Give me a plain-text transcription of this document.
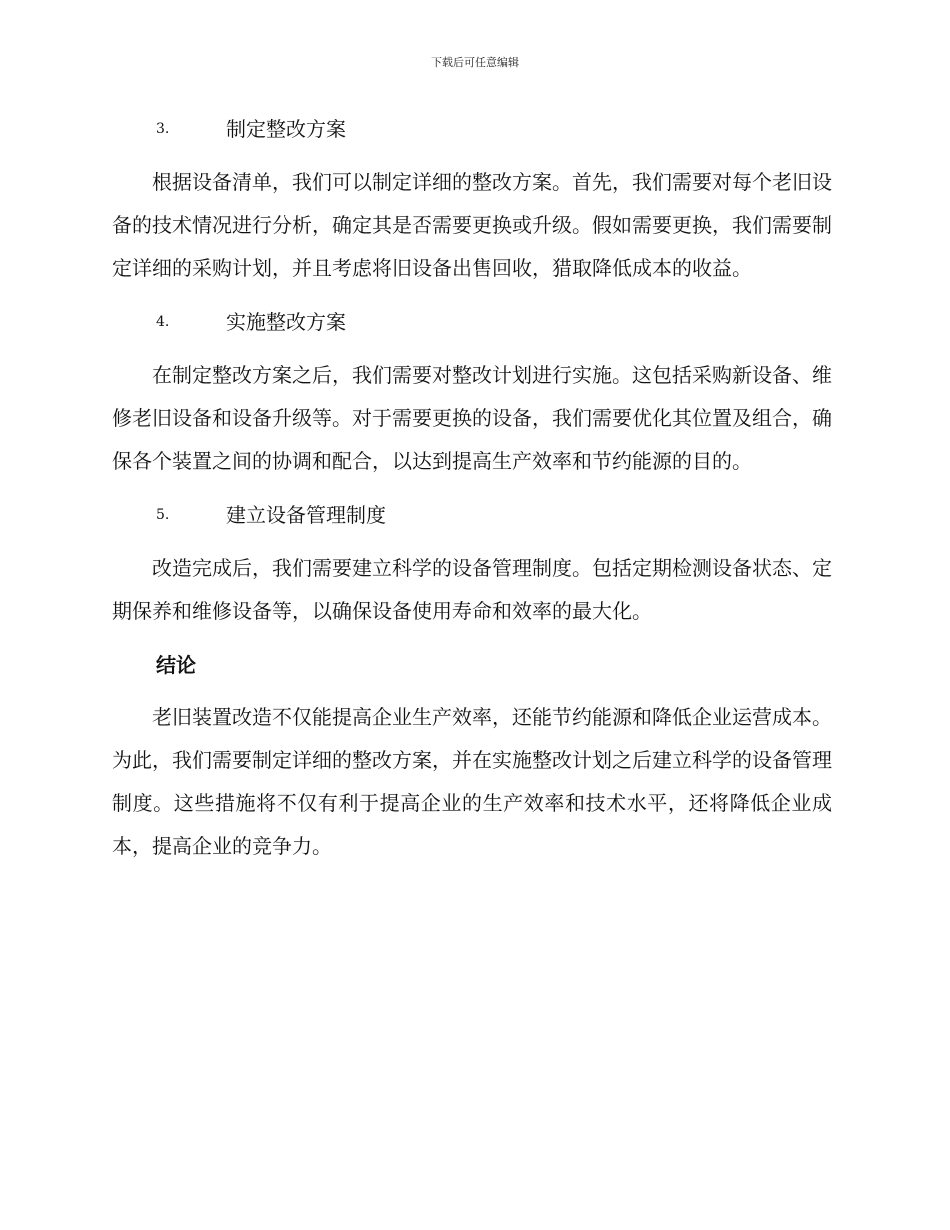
下载后可任意编辑
3.	制定整改方案

根据设备清单，我们可以制定详细的整改方案。首先，我们需要对每个老旧设备的技术情况进行分析，确定其是否需要更换或升级。假如需要更换，我们需要制定详细的采购计划，并且考虑将旧设备出售回收，猎取降低成本的收益。

4.	实施整改方案

在制定整改方案之后，我们需要对整改计划进行实施。这包括采购新设备、维修老旧设备和设备升级等。对于需要更换的设备，我们需要优化其位置及组合，确保各个装置之间的协调和配合，以达到提高生产效率和节约能源的目的。

5.	建立设备管理制度

改造完成后，我们需要建立科学的设备管理制度。包括定期检测设备状态、定期保养和维修设备等，以确保设备使用寿命和效率的最大化。

结论

老旧装置改造不仅能提高企业生产效率，还能节约能源和降低企业运营成本。为此，我们需要制定详细的整改方案，并在实施整改计划之后建立科学的设备管理制度。这些措施将不仅有利于提高企业的生产效率和技术水平，还将降低企业成本，提高企业的竞争力。
